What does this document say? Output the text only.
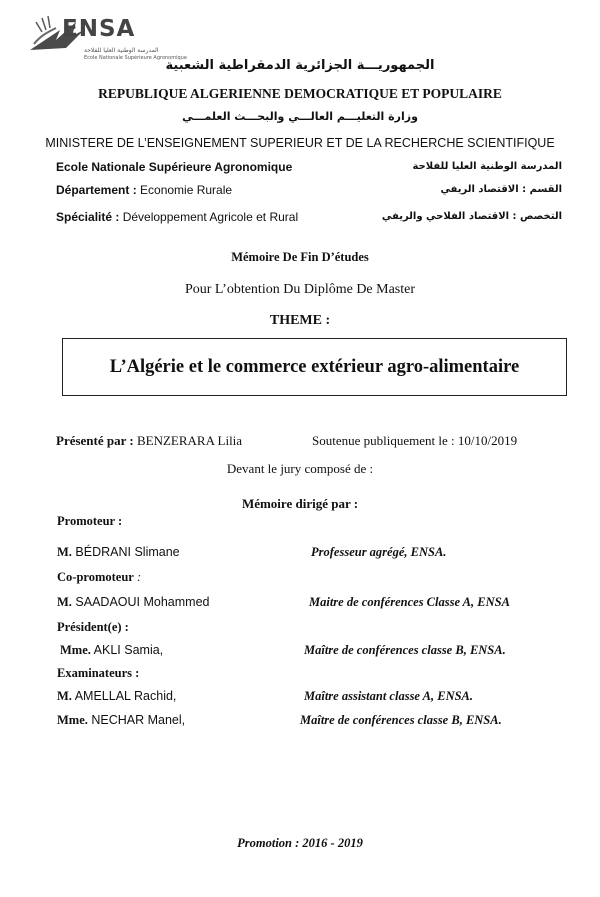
ENSA
المدرسة الوطنية العليا للفلاحة
Ecole Nationale Supérieure Agronomique
الجمهوريـــة الجزائرية الدمقراطية الشعبية
REPUBLIQUE ALGERIENNE DEMOCRATIQUE ET POPULAIRE
وزارة التعليـــم العالـــي والبحـــث العلمـــي
MINISTERE DE L’ENSEIGNEMENT SUPERIEUR ET DE LA RECHERCHE SCIENTIFIQUE
Ecole Nationale Supérieure Agronomique	المدرسة الوطنية العليا للفلاحة
Département : Economie Rurale	القسم : الاقتصاد الريفي
Spécialité : Développement Agricole et Rural	التخصص : الاقتصاد الفلاحي والريفي
Mémoire De Fin D’études
Pour L’obtention Du Diplôme De Master
THEME :
L’Algérie et le commerce extérieur agro-alimentaire
Présenté par : BENZERARA Lilia	Soutenue publiquement le : 10/10/2019
Devant le jury composé de :
Mémoire dirigé par :
Promoteur :
M. BÉDRANI Slimane	Professeur agrégé, ENSA.
Co-promoteur :
M. SAADAOUI Mohammed	Maitre de conférences Classe A, ENSA
Président(e) :
Mme. AKLI Samia,	Maître de conférences classe B, ENSA.
Examinateurs :
M. AMELLAL Rachid,	Maître assistant classe A, ENSA.
Mme. NECHAR Manel,	Maître de conférences classe B, ENSA.
Promotion : 2016 - 2019
